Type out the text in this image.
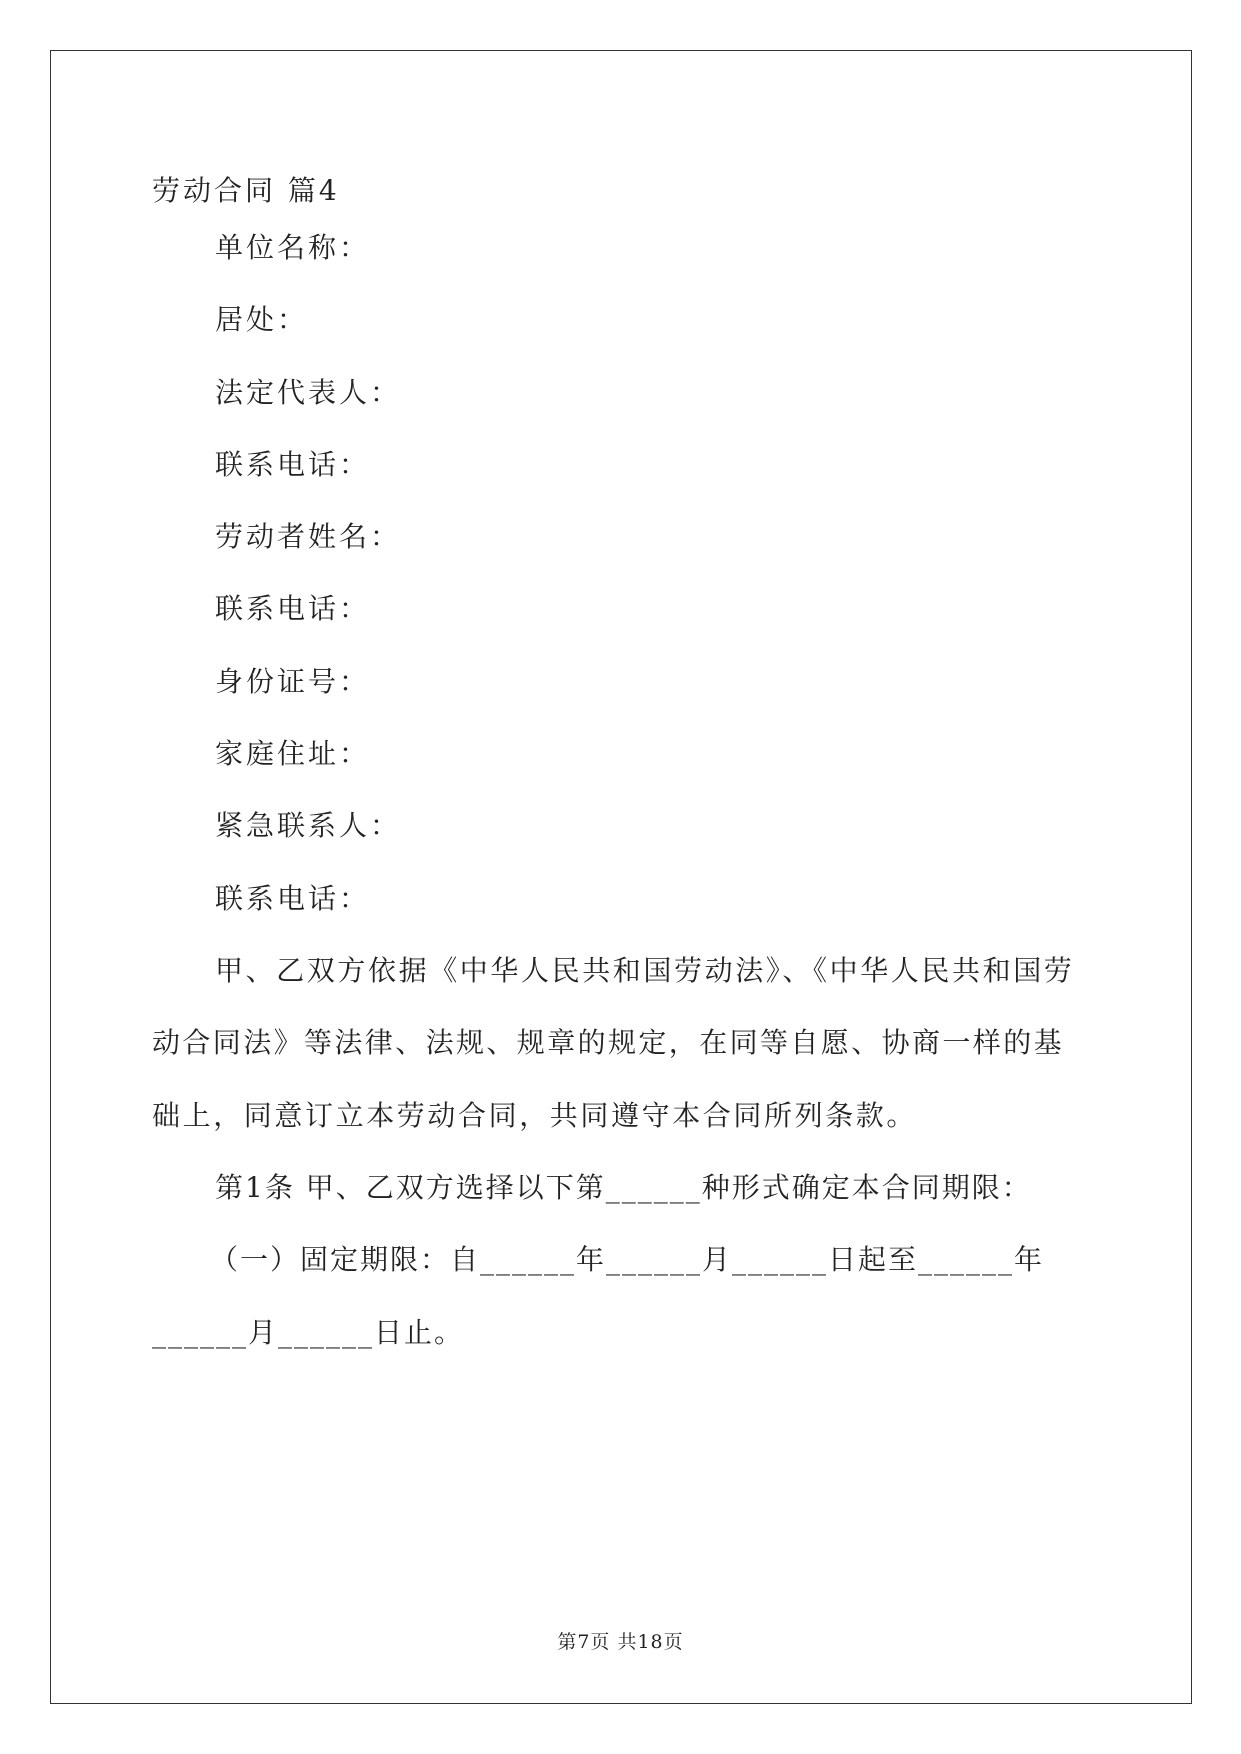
劳动合同 篇4
单位名称：
居处：
法定代表人：
联系电话：
劳动者姓名：
联系电话：
身份证号：
家庭住址：
紧急联系人：
联系电话：
甲、乙双方依据《中华人民共和国劳动法》、《中华人民共和国劳
动合同法》等法律、法规、规章的规定，在同等自愿、协商一样的基
础上，同意订立本劳动合同，共同遵守本合同所列条款。
第1条 甲、乙双方选择以下第______种形式确定本合同期限：
（一）固定期限：自______年______月______日起至______年
______月______日止。
第7页 共18页
